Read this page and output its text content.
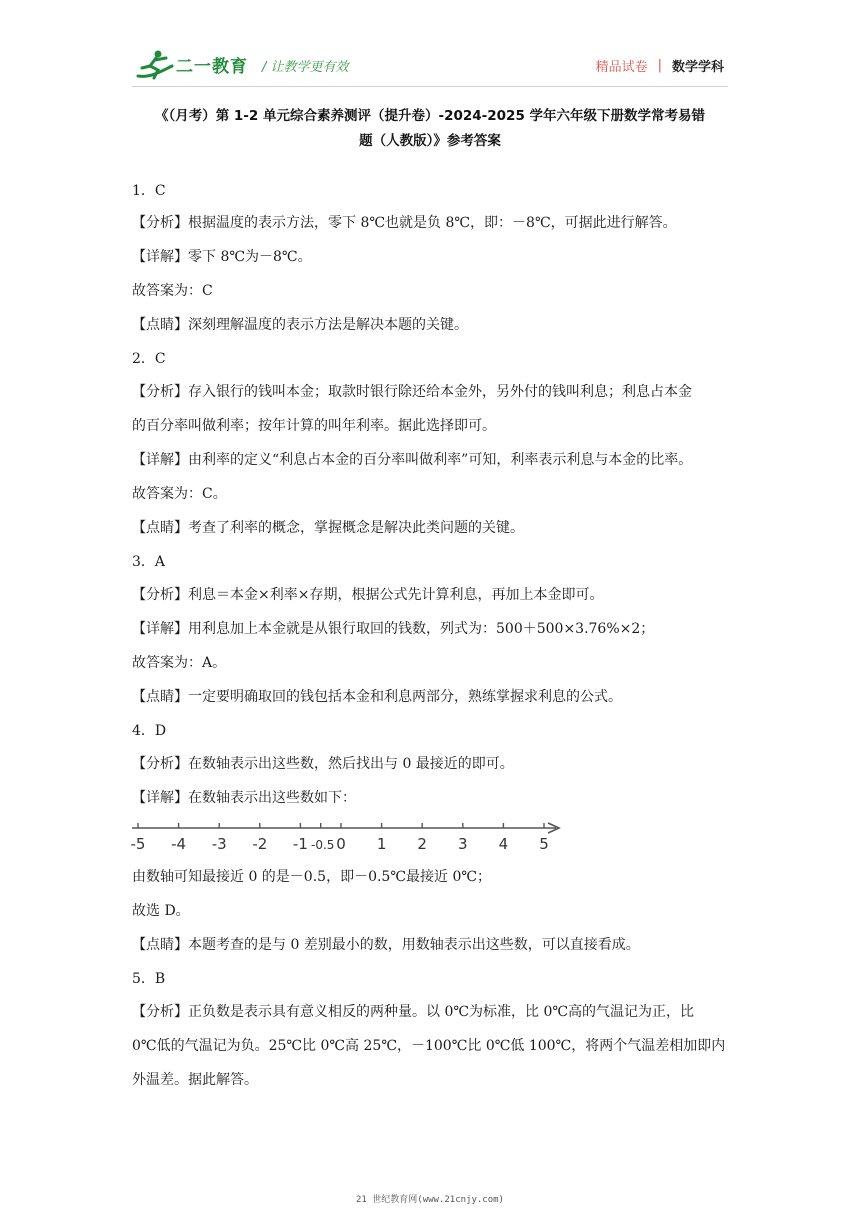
二一教育 / 让教学更有效	精品试卷 | 数学学科
《（月考）第 1-2 单元综合素养测评（提升卷）-2024-2025 学年六年级下册数学常考易错
题（人教版）》参考答案
1．C
【分析】根据温度的表示方法，零下 8℃也就是负 8℃，即：－8℃，可据此进行解答。
【详解】零下 8℃为－8℃。
故答案为：C
【点睛】深刻理解温度的表示方法是解决本题的关键。
2．C
【分析】存入银行的钱叫本金；取款时银行除还给本金外，另外付的钱叫利息；利息占本金
的百分率叫做利率；按年计算的叫年利率。据此选择即可。
【详解】由利率的定义“利息占本金的百分率叫做利率”可知，利率表示利息与本金的比率。
故答案为：C。
【点睛】考查了利率的概念，掌握概念是解决此类问题的关键。
3．A
【分析】利息＝本金×利率×存期，根据公式先计算利息，再加上本金即可。
【详解】用利息加上本金就是从银行取回的钱数，列式为：500＋500×3.76%×2；
故答案为：A。
【点睛】一定要明确取回的钱包括本金和利息两部分，熟练掌握求利息的公式。
4．D
【分析】在数轴表示出这些数，然后找出与 0 最接近的即可。
【详解】在数轴表示出这些数如下：
-5 -4 -3 -2 -1 -0.5 0 1 2 3 4 5
由数轴可知最接近 0 的是－0.5，即－0.5℃最接近 0℃；
故选 D。
【点睛】本题考查的是与 0 差别最小的数，用数轴表示出这些数，可以直接看成。
5．B
【分析】正负数是表示具有意义相反的两种量。以 0℃为标准，比 0℃高的气温记为正，比
0℃低的气温记为负。25℃比 0℃高 25℃，－100℃比 0℃低 100℃，将两个气温差相加即内
外温差。据此解答。
21 世纪教育网(www.21cnjy.com)
